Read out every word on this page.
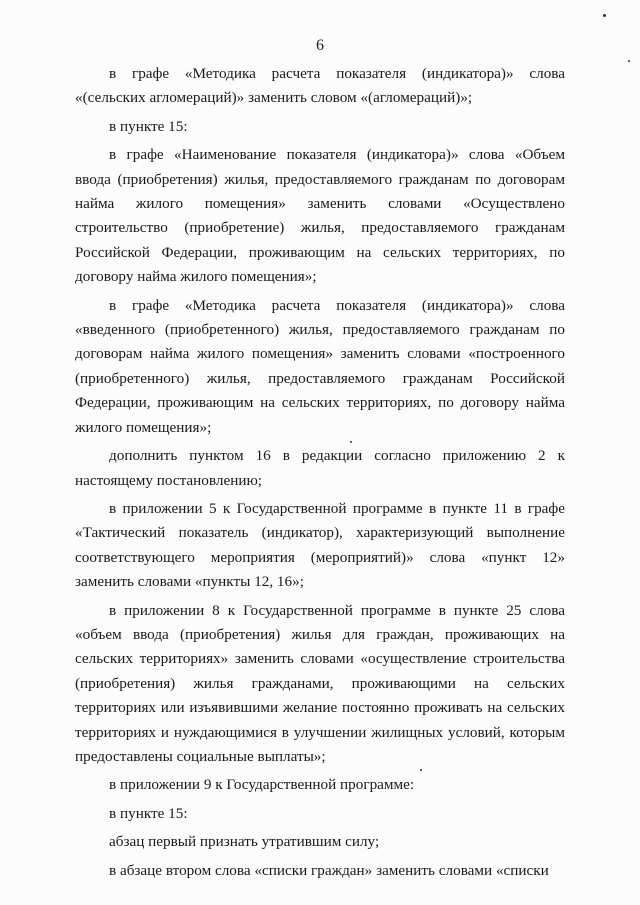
6

в графе «Методика расчета показателя (индикатора)» слова «(сельских агломераций)» заменить словом «(агломераций)»;

в пункте 15:

в графе «Наименование показателя (индикатора)» слова «Объем ввода (приобретения) жилья, предоставляемого гражданам по договорам найма жилого помещения» заменить словами «Осуществлено строительство (приобретение) жилья, предоставляемого гражданам Российской Федерации, проживающим на сельских территориях, по договору найма жилого помещения»;

в графе «Методика расчета показателя (индикатора)» слова «введенного (приобретенного) жилья, предоставляемого гражданам по договорам найма жилого помещения» заменить словами «построенного (приобретенного) жилья, предоставляемого гражданам Российской Федерации, проживающим на сельских территориях, по договору найма жилого помещения»;

дополнить пунктом 16 в редакции согласно приложению 2 к настоящему постановлению;

в приложении 5 к Государственной программе в пункте 11 в графе «Тактический показатель (индикатор), характеризующий выполнение соответствующего мероприятия (мероприятий)» слова «пункт 12» заменить словами «пункты 12, 16»;

в приложении 8 к Государственной программе в пункте 25 слова «объем ввода (приобретения) жилья для граждан, проживающих на сельских территориях» заменить словами «осуществление строительства (приобретения) жилья гражданами, проживающими на сельских территориях или изъявившими желание постоянно проживать на сельских территориях и нуждающимися в улучшении жилищных условий, которым предоставлены социальные выплаты»;

в приложении 9 к Государственной программе:

в пункте 15:

абзац первый признать утратившим силу;

в абзаце втором слова «списки граждан» заменить словами «списки
